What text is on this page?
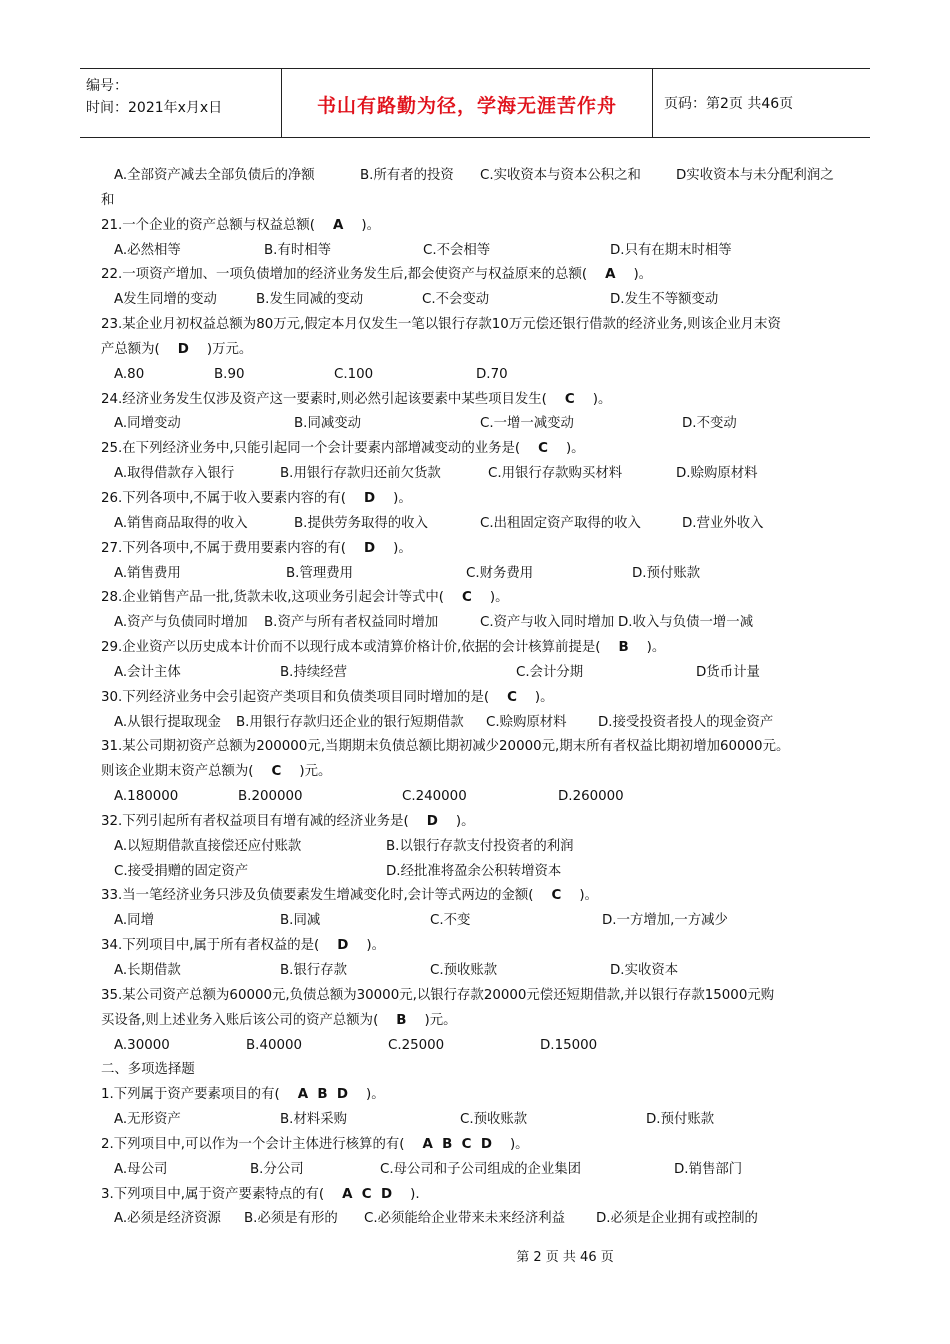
编号：
时间：2021年x月x日	书山有路勤为径，学海无涯苦作舟	页码：第2页 共46页
A.全部资产减去全部负债后的净额	B.所有者的投资 C.实收资本与资本公积之和	D实收资本与未分配利润之
和
21.一个企业的资产总额与权益总额( A )。
A.必然相等	B.有时相等	C.不会相等	D.只有在期末时相等
22.一项资产增加、一项负债增加的经济业务发生后,都会使资产与权益原来的总额( A )。
A发生同增的变动	B.发生同减的变动	C.不会变动	D.发生不等额变动
23.某企业月初权益总额为80万元,假定本月仅发生一笔以银行存款10万元偿还银行借款的经济业务,则该企业月末资
产总额为( D )万元。
A.80	B.90	C.100	D.70
24.经济业务发生仅涉及资产这一要素时,则必然引起该要素中某些项目发生( C )。
A.同增变动	B.同减变动	C.一增一减变动	D.不变动
25.在下列经济业务中,只能引起同一个会计要素内部增减变动的业务是( C )。
A.取得借款存入银行	B.用银行存款归还前欠货款	C.用银行存款购买材料	D.赊购原材料
26.下列各项中,不属于收入要素内容的有( D )。
A.销售商品取得的收入	B.提供劳务取得的收入	C.出租固定资产取得的收入	D.营业外收入
27.下列各项中,不属于费用要素内容的有( D )。
A.销售费用	B.管理费用	C.财务费用	D.预付账款
28.企业销售产品一批,货款未收,这项业务引起会计等式中( C )。
A.资产与负债同时增加 B.资产与所有者权益同时增加	C.资产与收入同时增加 D.收入与负债一增一减
29.企业资产以历史成本计价而不以现行成本或清算价格计价,依据的会计核算前提是( B )。
A.会计主体	B.持续经营	C.会计分期	D货币计量
30.下列经济业务中会引起资产类项目和负债类项目同时增加的是( C )。
A.从银行提取现金 B.用银行存款归还企业的银行短期借款 C.赊购原材料 D.接受投资者投人的现金资产
31.某公司期初资产总额为200000元,当期期末负债总额比期初减少20000元,期末所有者权益比期初增加60000元。
则该企业期末资产总额为( C )元。
A.180000	B.200000	C.240000	D.260000
32.下列引起所有者权益项目有增有减的经济业务是( D )。
A.以短期借款直接偿还应付账款	B.以银行存款支付投资者的利润
C.接受捐赠的固定资产	D.经批准将盈余公积转增资本
33.当一笔经济业务只涉及负债要素发生增减变化时,会计等式两边的金额( C )。
A.同增	B.同减	C.不变	D.一方增加,一方减少
34.下列项目中,属于所有者权益的是( D )。
A.长期借款	B.银行存款	C.预收账款	D.实收资本
35.某公司资产总额为60000元,负债总额为30000元,以银行存款20000元偿还短期借款,并以银行存款15000元购
买设备,则上述业务入账后该公司的资产总额为( B )元。
A.30000	B.40000	C.25000	D.15000
二、多项选择题
1.下列属于资产要素项目的有( A  B  D )。
A.无形资产	B.材料采购	C.预收账款	D.预付账款
2.下列项目中,可以作为一个会计主体进行核算的有( A  B  C  D )。
A.母公司	B.分公司	C.母公司和子公司组成的企业集团	D.销售部门
3.下列项目中,属于资产要素特点的有( A  C  D ).
A.必须是经济资源 B.必须是有形的 C.必须能给企业带来未来经济利益 D.必须是企业拥有或控制的
第 2 页 共 46 页
